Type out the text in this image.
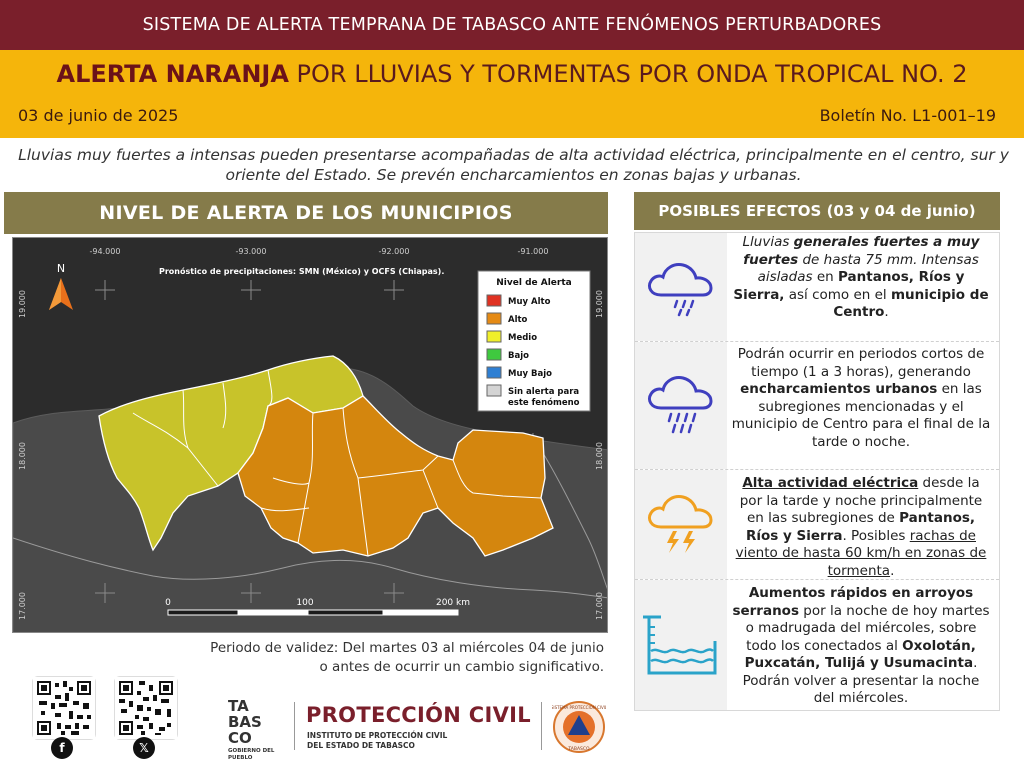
SISTEMA DE ALERTA TEMPRANA DE TABASCO ANTE FENÓMENOS PERTURBADORES
ALERTA NARANJA POR LLUVIAS Y TORMENTAS POR ONDA TROPICAL NO. 2
03 de junio de 2025	Boletín No. L1-001–19
Lluvias muy fuertes a intensas pueden presentarse acompañadas de alta actividad eléctrica, principalmente en el centro, sur y oriente del Estado. Se prevén encharcamientos en zonas bajas y urbanas.
NIVEL DE ALERTA DE LOS MUNICIPIOS
N
-94.000	-93.000	-92.000	-91.000
19.000
18.000
17.000
19.000
18.000
17.000
Pronóstico de precipitaciones: SMN (México) y OCFS (Chiapas).
Nivel de Alerta
Muy Alto
Alto
Medio
Bajo
Muy Bajo
Sin alerta para
este fenómeno
0	100	200 km
Periodo de validez: Del martes 03 al miércoles 04 de junio
o antes de ocurrir un cambio significativo.
f	𝕏
TA
BAS
CO
GOBIERNO DEL PUEBLO
PROTECCIÓN CIVIL
INSTITUTO DE PROTECCIÓN CIVIL
DEL ESTADO DE TABASCO
SISTEMA PROTECCIÓN CIVIL
TABASCO
POSIBLES EFECTOS (03 y 04 de junio)
Lluvias generales fuertes a muy fuertes de hasta 75 mm. Intensas aisladas en Pantanos, Ríos y Sierra, así como en el municipio de Centro.
Podrán ocurrir en periodos cortos de tiempo (1 a 3 horas), generando encharcamientos urbanos en las subregiones mencionadas y el municipio de Centro para el final de la tarde o noche.
Alta actividad eléctrica desde la por la tarde y noche principalmente en las subregiones de Pantanos, Ríos y Sierra. Posibles rachas de viento de hasta 60 km/h en zonas de tormenta.
Aumentos rápidos en arroyos serranos por la noche de hoy martes o madrugada del miércoles, sobre todo los conectados al Oxolotán, Puxcatán, Tulijá y Usumacinta. Podrán volver a presentar la noche del miércoles.
